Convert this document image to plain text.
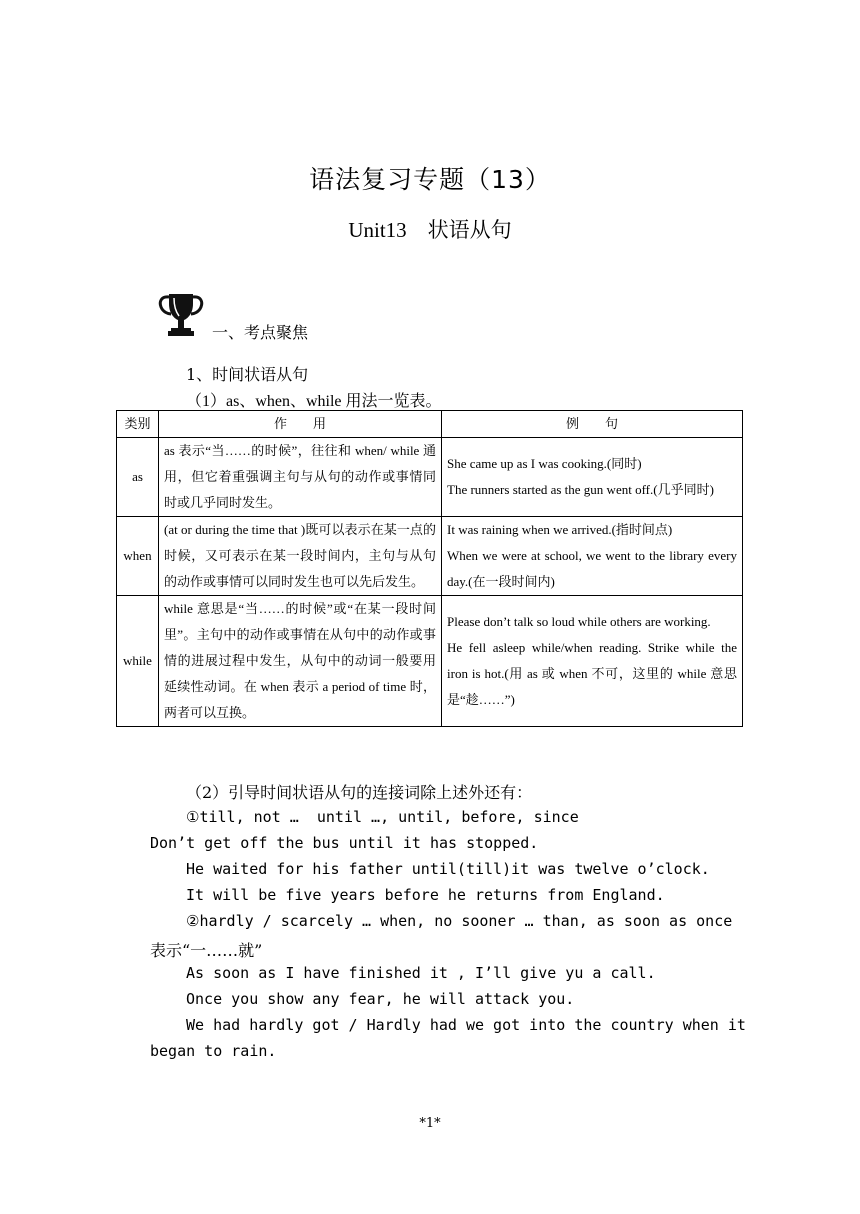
语法复习专题（13）
Unit13　状语从句
一、考点聚焦
1、时间状语从句
（1）as、when、while 用法一览表。
类别	作　　用	例　　句
as	as 表示“当……的时候”，往往和 when/ while 通用，但它着重强调主句与从句的动作或事情同时或几乎同时发生。	She came up as I was cooking.(同时)
The runners started as the gun went off.(几乎同时)

when	(at or during the time that )既可以表示在某一点的时候，又可表示在某一段时间内，主句与从句的动作或事情可以同时发生也可以先后发生。	It was raining when we arrived.(指时间点)
When we were at school, we went to the library every day.(在一段时间内)

while	while 意思是“当……的时候”或“在某一段时间里”。主句中的动作或事情在从句中的动作或事情的进展过程中发生，从句中的动词一般要用延续性动词。在 when 表示 a period of time 时，两者可以互换。	Please don’t talk so loud while others are working.
He fell asleep while/when reading. Strike while the iron is hot.(用 as 或 when 不可，这里的 while 意思是“趁……”)
（2）引导时间状语从句的连接词除上述外还有：
①till, not …  until …, until, before, since
Don’t get off the bus until it has stopped.
He waited for his father until(till)it was twelve o’clock.
It will be five years before he returns from England.
②hardly / scarcely … when, no sooner … than, as soon as once
表示“一……就”
As soon as I have finished it , I’ll give yu a call.
Once you show any fear, he will attack you.
We had hardly got / Hardly had we got into the country when it
began to rain.
*1*
